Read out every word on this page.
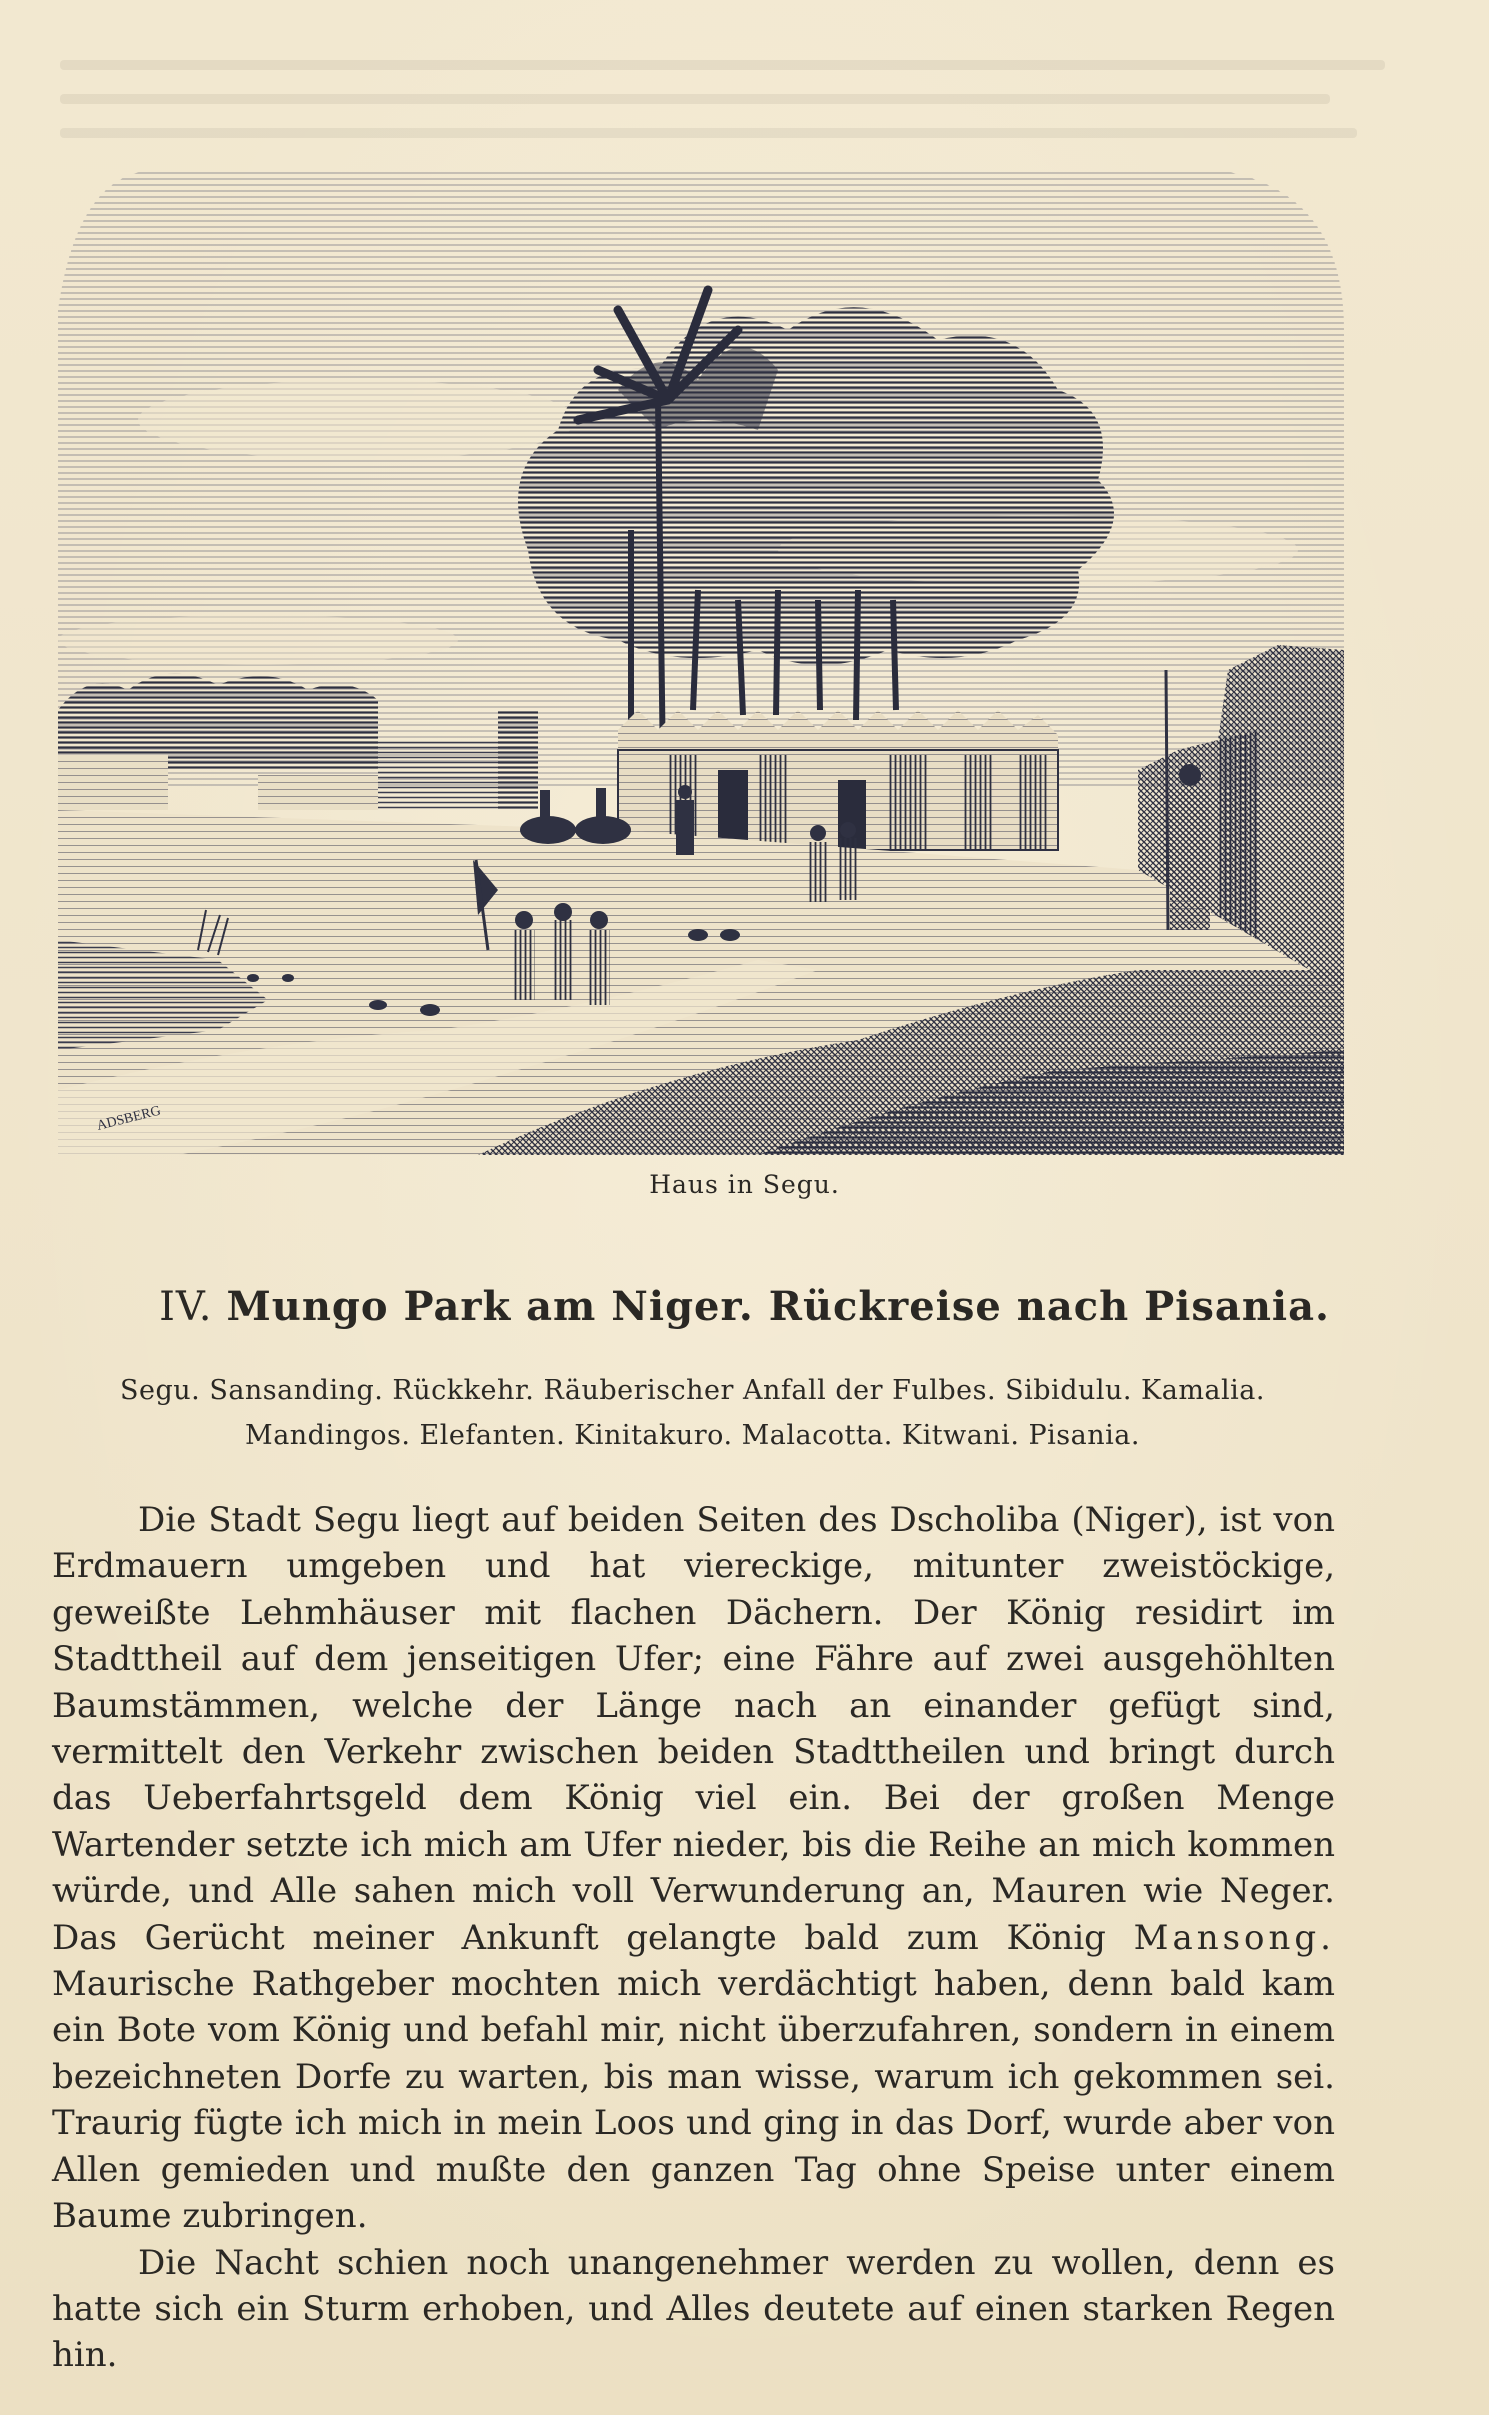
ADSBERG
Haus in Segu.
IV. Mungo Park am Niger. Rückreise nach Pisania.
Segu. Sansanding. Rückkehr. Räuberischer Anfall der Fulbes. Sibidulu. Kamalia. Mandingos. Elefanten. Kinitakuro. Malacotta. Kitwani. Pisania.

Die Stadt Segu liegt auf beiden Seiten des Dscholiba (Niger), ist von Erdmauern umgeben und hat viereckige, mitunter zweistöckige, geweißte Lehmhäuser mit flachen Dächern. Der König residirt im Stadttheil auf dem jenseitigen Ufer; eine Fähre auf zwei ausgehöhlten Baumstämmen, welche der Länge nach an einander gefügt sind, vermittelt den Verkehr zwischen beiden Stadttheilen und bringt durch das Ueberfahrtsgeld dem König viel ein. Bei der großen Menge Wartender setzte ich mich am Ufer nieder, bis die Reihe an mich kommen würde, und Alle sahen mich voll Verwunderung an, Mauren wie Neger. Das Gerücht meiner Ankunft gelangte bald zum König Mansong. Maurische Rathgeber mochten mich verdächtigt haben, denn bald kam ein Bote vom König und befahl mir, nicht überzufahren, sondern in einem bezeichneten Dorfe zu warten, bis man wisse, warum ich gekommen sei. Traurig fügte ich mich in mein Loos und ging in das Dorf, wurde aber von Allen gemieden und mußte den ganzen Tag ohne Speise unter einem Baume zubringen.

Die Nacht schien noch unangenehmer werden zu wollen, denn es hatte sich ein Sturm erhoben, und Alles deutete auf einen starken Regen hin.
